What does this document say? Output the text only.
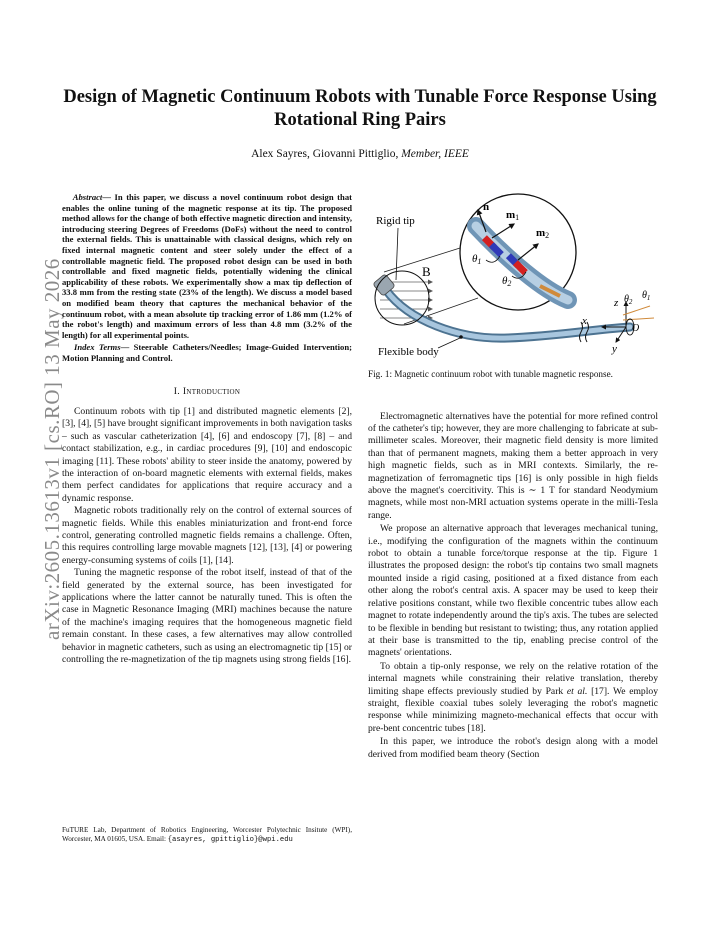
arXiv:2605.13613v1 [cs.RO] 13 May 2026
Design of Magnetic Continuum Robots with Tunable Force Response Using Rotational Ring Pairs
Alex Sayres, Giovanni Pittiglio, Member, IEEE

Abstract— In this paper, we discuss a novel continuum robot design that enables the online tuning of the magnetic response at its tip. The proposed method allows for the change of both effective magnetic direction and intensity, introducing steering Degrees of Freedoms (DoFs) without the need to control the external fields. This is unattainable with classical designs, which rely on fixed internal magnetic content and steer solely under the effect of a controllable magnetic field. The proposed robot design can be used in both controllable and fixed magnetic fields, potentially widening the clinical applicability of these robots. We experimentally show a max tip deflection of 33.8 mm from the resting state (23% of the length). We discuss a model based on modified beam theory that captures the mechanical behavior of the continuum robot, with a mean absolute tip tracking error of 1.86 mm (1.2% of the robot's length) and maximum errors of less than 4.8 mm (3.2% of the length) for all experimental points.

Index Terms— Steerable Catheters/Needles; Image-Guided Intervention; Motion Planning and Control.

I. Introduction

Continuum robots with tip [1] and distributed magnetic elements [2], [3], [4], [5] have brought significant improvements in both navigation tasks – such as vascular catheterization [4], [6] and endoscopy [7], [8] – and contact stabilization, e.g., in cardiac procedures [9], [10] and endoscopic imaging [11]. These robots' ability to steer inside the anatomy, powered by the interaction of on-board magnetic elements with external fields, makes them perfect candidates for applications that require accuracy and a dynamic response.

Magnetic robots traditionally rely on the control of external sources of magnetic fields. While this enables miniaturization and front-end force control, generating controlled magnetic fields remains a challenge. Often, this requires controlling large movable magnets [12], [13], [4] or powering energy-consuming systems of coils [1], [14].

Tuning the magnetic response of the robot itself, instead of that of the field generated by the external source, has been investigated for applications where the latter cannot be naturally tuned. This is often the case in Magnetic Resonance Imaging (MRI) machines because the nature of the machine's imaging requires that the homogeneous magnetic field remain constant. In these cases, a few alternatives may allow controlled behavior in magnetic catheters, such as using an electromagnetic tip [15] or controlling the re-magnetization of the tip magnets using strong fields [16].

FuTURE Lab, Department of Robotics Engineering, Worcester Polytechnic Insitute (WPI), Worcester, MA 01605, USA. Email: {asayres, gpittiglio}@wpi.edu
Rigid tip
B
Flexible body
n
m1
m2
θ1
θ2
x
y
z
O
$\theta_2$
$\theta_1$

Fig. 1: Magnetic continuum robot with tunable magnetic response.

Electromagnetic alternatives have the potential for more refined control of the catheter's tip; however, they are more challenging to fabricate at sub-millimeter scales. Moreover, their magnetic field density is more limited than that of permanent magnets, making them a better approach in very high magnetic fields, such as in MRI contexts. Similarly, the re-magnetization of ferromagnetic tips [16] is only possible in high fields above the magnet's coercitivity. This is ∼ 1 T for standard Neodymium magnets, while most non-MRI actuation systems operate in the milli-Tesla range.

We propose an alternative approach that leverages mechanical tuning, i.e., modifying the configuration of the magnets within the continuum robot to obtain a tunable force/torque response at the tip. Figure 1 illustrates the proposed design: the robot's tip contains two small magnets mounted inside a rigid casing, positioned at a fixed distance from each other along the robot's central axis. A spacer may be used to keep their relative positions constant, while two flexible concentric tubes allow each magnet to rotate independently around the tip's axis. The tubes are selected to be flexible in bending but resistant to twisting; thus, any rotation applied at their base is transmitted to the tip, enabling precise control of the magnets' orientations.

To obtain a tip-only response, we rely on the relative rotation of the internal magnets while constraining their relative translation, thereby limiting shape effects previously studied by Park et al. [17]. We employ straight, flexible coaxial tubes solely leveraging the robot's magnetic response while minimizing magneto-mechanical effects that occur with pre-bent concentric tubes [18].

In this paper, we introduce the robot's design along with a model derived from modified beam theory (Section
